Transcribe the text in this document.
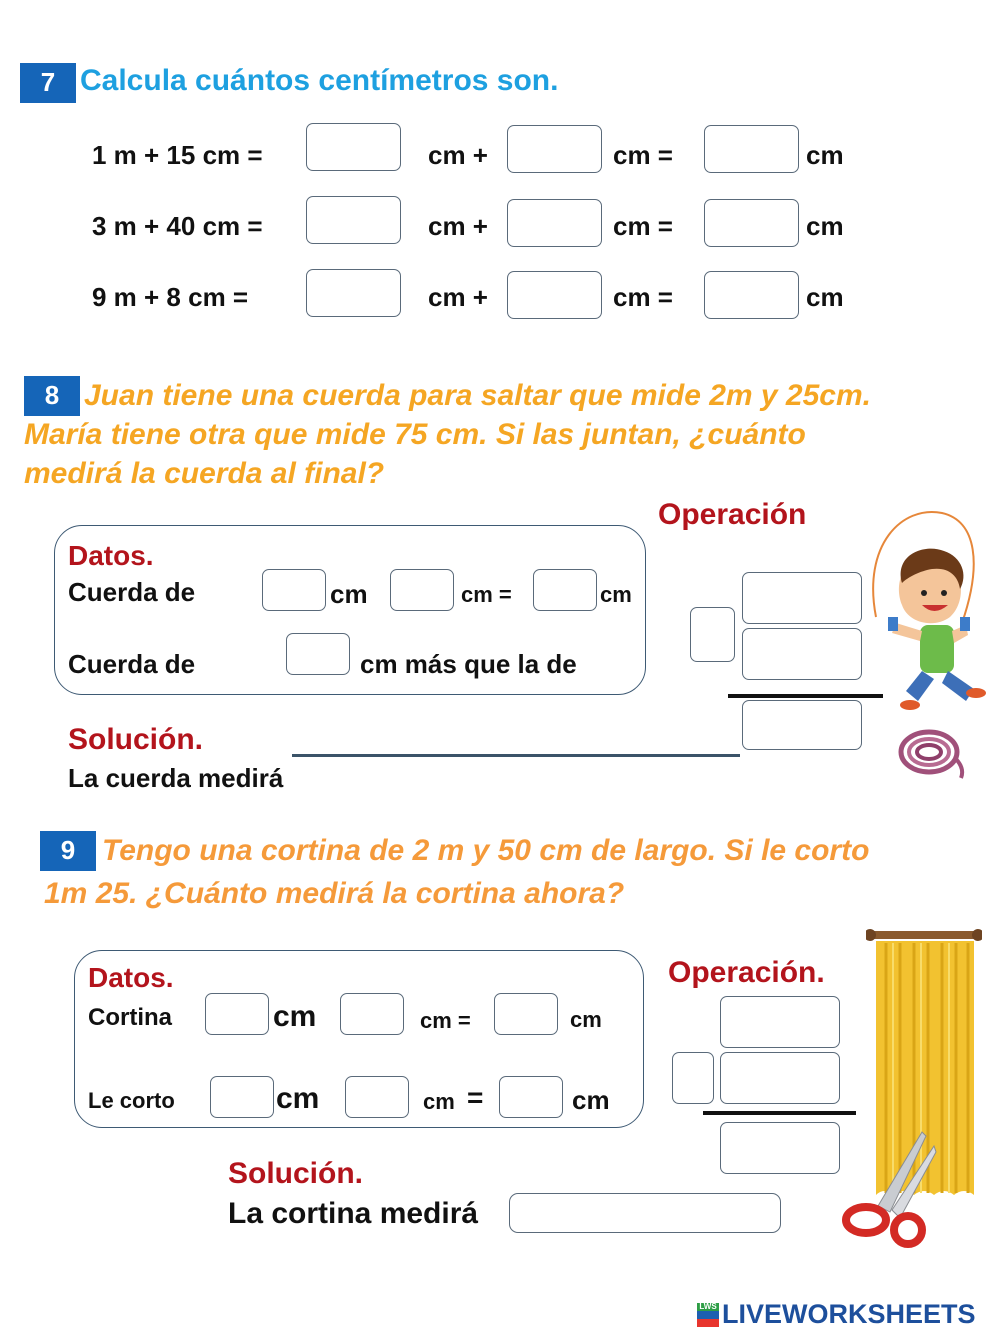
7 Calcula cuántos centímetros son.
1 m + 15 cm =	cm +	cm =	cm
3 m + 40 cm =	cm +	cm =	cm
9 m + 8 cm =	cm +	cm =	cm
8 Juan tiene una cuerda para saltar que mide 2m y 25cm.
María tiene otra que mide 75 cm. Si las juntan, ¿cuánto
medirá la cuerda al final?
Datos.
Cuerda de	cm	cm =	cm
Cuerda de	cm más que la de
Operación
Solución.
La cuerda medirá
9 Tengo una cortina de 2 m y 50 cm de largo. Si le corto
1m 25. ¿Cuánto medirá la cortina ahora?
Datos.
Cortina	cm	cm =	cm
Le corto	cm	cm =	cm
Operación.
Solución.
La cortina medirá
LWS LIVEWORKSHEETS
